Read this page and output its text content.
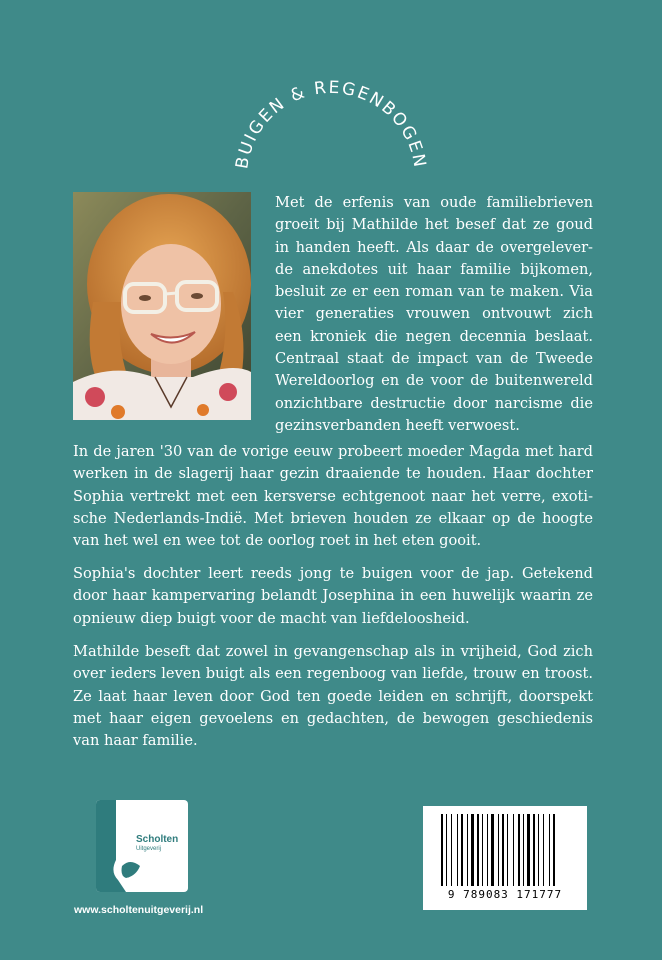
BUIGEN & REGENBOGEN

Met de erfenis van oude familiebrieven groeit bij Mathilde het besef dat ze goud in handen heeft. Als daar de overgelever-de anekdotes uit haar familie bijkomen, besluit ze er een roman van te maken. Via vier generaties vrouwen ontvouwt zich een kroniek die negen decennia beslaat. Centraal staat de impact van de Tweede Wereldoorlog en de voor de buitenwereld onzichtbare destructie door narcisme die gezinsverbanden heeft verwoest.

In de jaren '30 van de vorige eeuw probeert moeder Magda met hard werken in de slagerij haar gezin draaiende te houden. Haar dochter Sophia vertrekt met een kersverse echtgenoot naar het verre, exoti-sche Nederlands-Indië. Met brieven houden ze elkaar op de hoogte van het wel en wee tot de oorlog roet in het eten gooit.

Sophia's dochter leert reeds jong te buigen voor de jap. Getekend door haar kampervaring belandt Josephina in een huwelijk waarin ze opnieuw diep buigt voor de macht van liefdeloosheid.

Mathilde beseft dat zowel in gevangenschap als in vrijheid, God zich over ieders leven buigt als een regenboog van liefde, trouw en troost. Ze laat haar leven door God ten goede leiden en schrijft, doorspekt met haar eigen gevoelens en gedachten, de bewogen geschiedenis van haar familie.

Scholten
Uitgeverij
www.scholtenuitgeverij.nl
9 789083 171777
